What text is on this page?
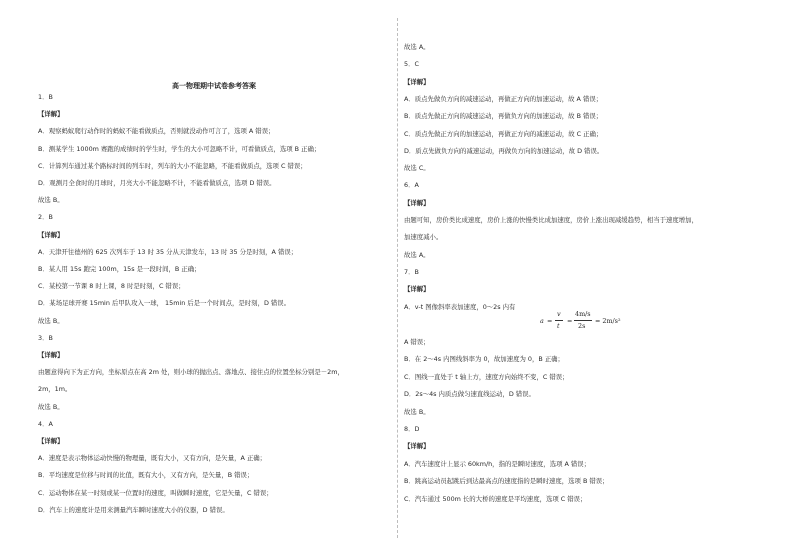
高一物理期中试卷参考答案
1．B
【详解】
A．观察蚂蚁爬行动作时的蚂蚁不能看做质点，否则就没动作可言了，选项 A 错误；
B．测某学生 1000m 赛跑的成绩时的学生时，学生的大小可忽略不计，可看做质点，选项 B 正确；
C．计算列车通过某个路标时间的列车时，列车的大小不能忽略，不能看做质点，选项 C 错误；
D．观测月全食时的月球时，月亮大小不能忽略不计，不能看做质点，选项 D 错误。
故选 B。
2．B
【详解】
A．天津开往德州的 625 次列车于 13 时 35 分从天津发车，13 时 35 分是时刻，A 错误；
B．某人用 15s 跑完 100m，15s 是一段时间，B 正确；
C．某校第一节课 8 时上课，8 时是时刻，C 错误；
D．某场足球开赛 15min 后甲队攻入一球， 15min 后是一个时间点，是时刻，D 错误。
故选 B。
3．B
【详解】
由题意得向下为正方向，坐标原点在高 2m 处，则小球的抛出点、落地点、接住点的位置坐标分别是－2m，
2m，1m。
故选 B。
4．A
【详解】
A．速度是表示物体运动快慢的物理量，既有大小，又有方向，是矢量，A 正确；
B．平均速度是位移与时间的比值，既有大小，又有方向，是矢量，B 错误；
C．运动物体在某一时刻或某一位置时的速度，叫做瞬时速度，它是矢量，C 错误；
D．汽车上的速度计是用来测量汽车瞬时速度大小的仪器，D 错误。
故选 A。
5．C
【详解】
A．质点先做负方向的减速运动，再做正方向的加速运动，故 A 错误；
B．质点先做正方向的减速运动，再做负方向的加速运动，故 B 错误；
C．质点先做正方向的加速运动，再做正方向的减速运动，故 C 正确；
D．质点先做负方向的减速运动，再做负方向的加速运动，故 D 错误。
故选 C。
6．A
【详解】
由题可知，房价类比成速度，房价上涨的快慢类比成加速度，房价上涨出现减缓趋势，相当于速度增加，
加速度减小。
故选 A。
7．B
【详解】
A．v-t 图像斜率表加速度，0～2s 内有
a =
v
t
=
4m/s
2s
= 2m/s²
A 错误；
B．在 2～4s 内图线斜率为 0，故加速度为 0，B 正确；
C．图线一直处于 t 轴上方，速度方向始终不变，C 错误；
D．2s～4s 内质点做匀速直线运动，D 错误。
故选 B。
8．D
【详解】
A．汽车速度计上显示 60km/h，指的是瞬时速度，选项 A 错误；
B．跳高运动员起跳后到达最高点的速度指的是瞬时速度，选项 B 错误；
C．汽车通过 500m 长的大桥的速度是平均速度，选项 C 错误；
